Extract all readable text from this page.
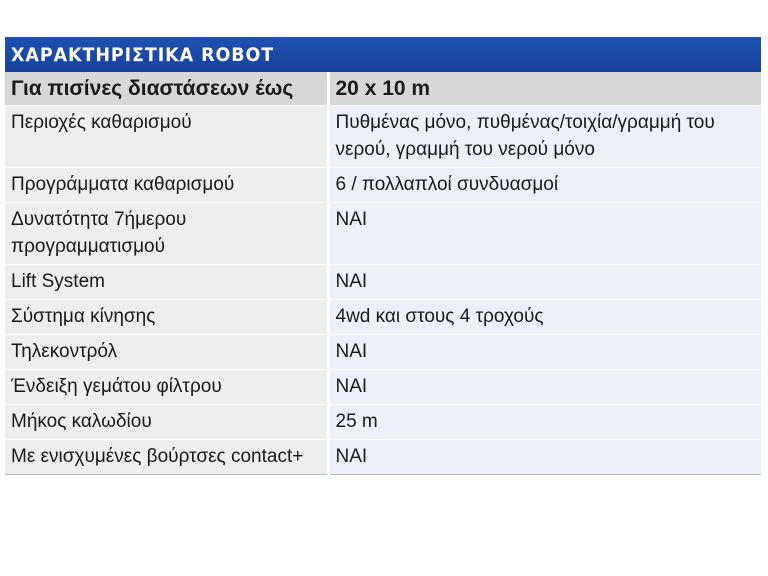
ΧΑΡΑΚΤΗΡΙΣΤΙΚΑ ROBOT
Για πισίνες διαστάσεων έως	20 x 10 m
Περιοχές καθαρισμού	Πυθμένας μόνο, πυθμένας/τοιχία/γραμμή του νερού, γραμμή του νερού μόνο
Προγράμματα καθαρισμού	6 / πολλαπλοί συνδυασμοί
Δυνατότητα 7ήμερου προγραμματισμού	ΝΑΙ
Lift System	ΝΑΙ
Σύστημα κίνησης	4wd και στους 4 τροχούς
Τηλεκοντρόλ	ΝΑΙ
Ένδειξη γεμάτου φίλτρου	ΝΑΙ
Μήκος καλωδίου	25 m
Με ενισχυμένες βούρτσες contact+	ΝΑΙ
